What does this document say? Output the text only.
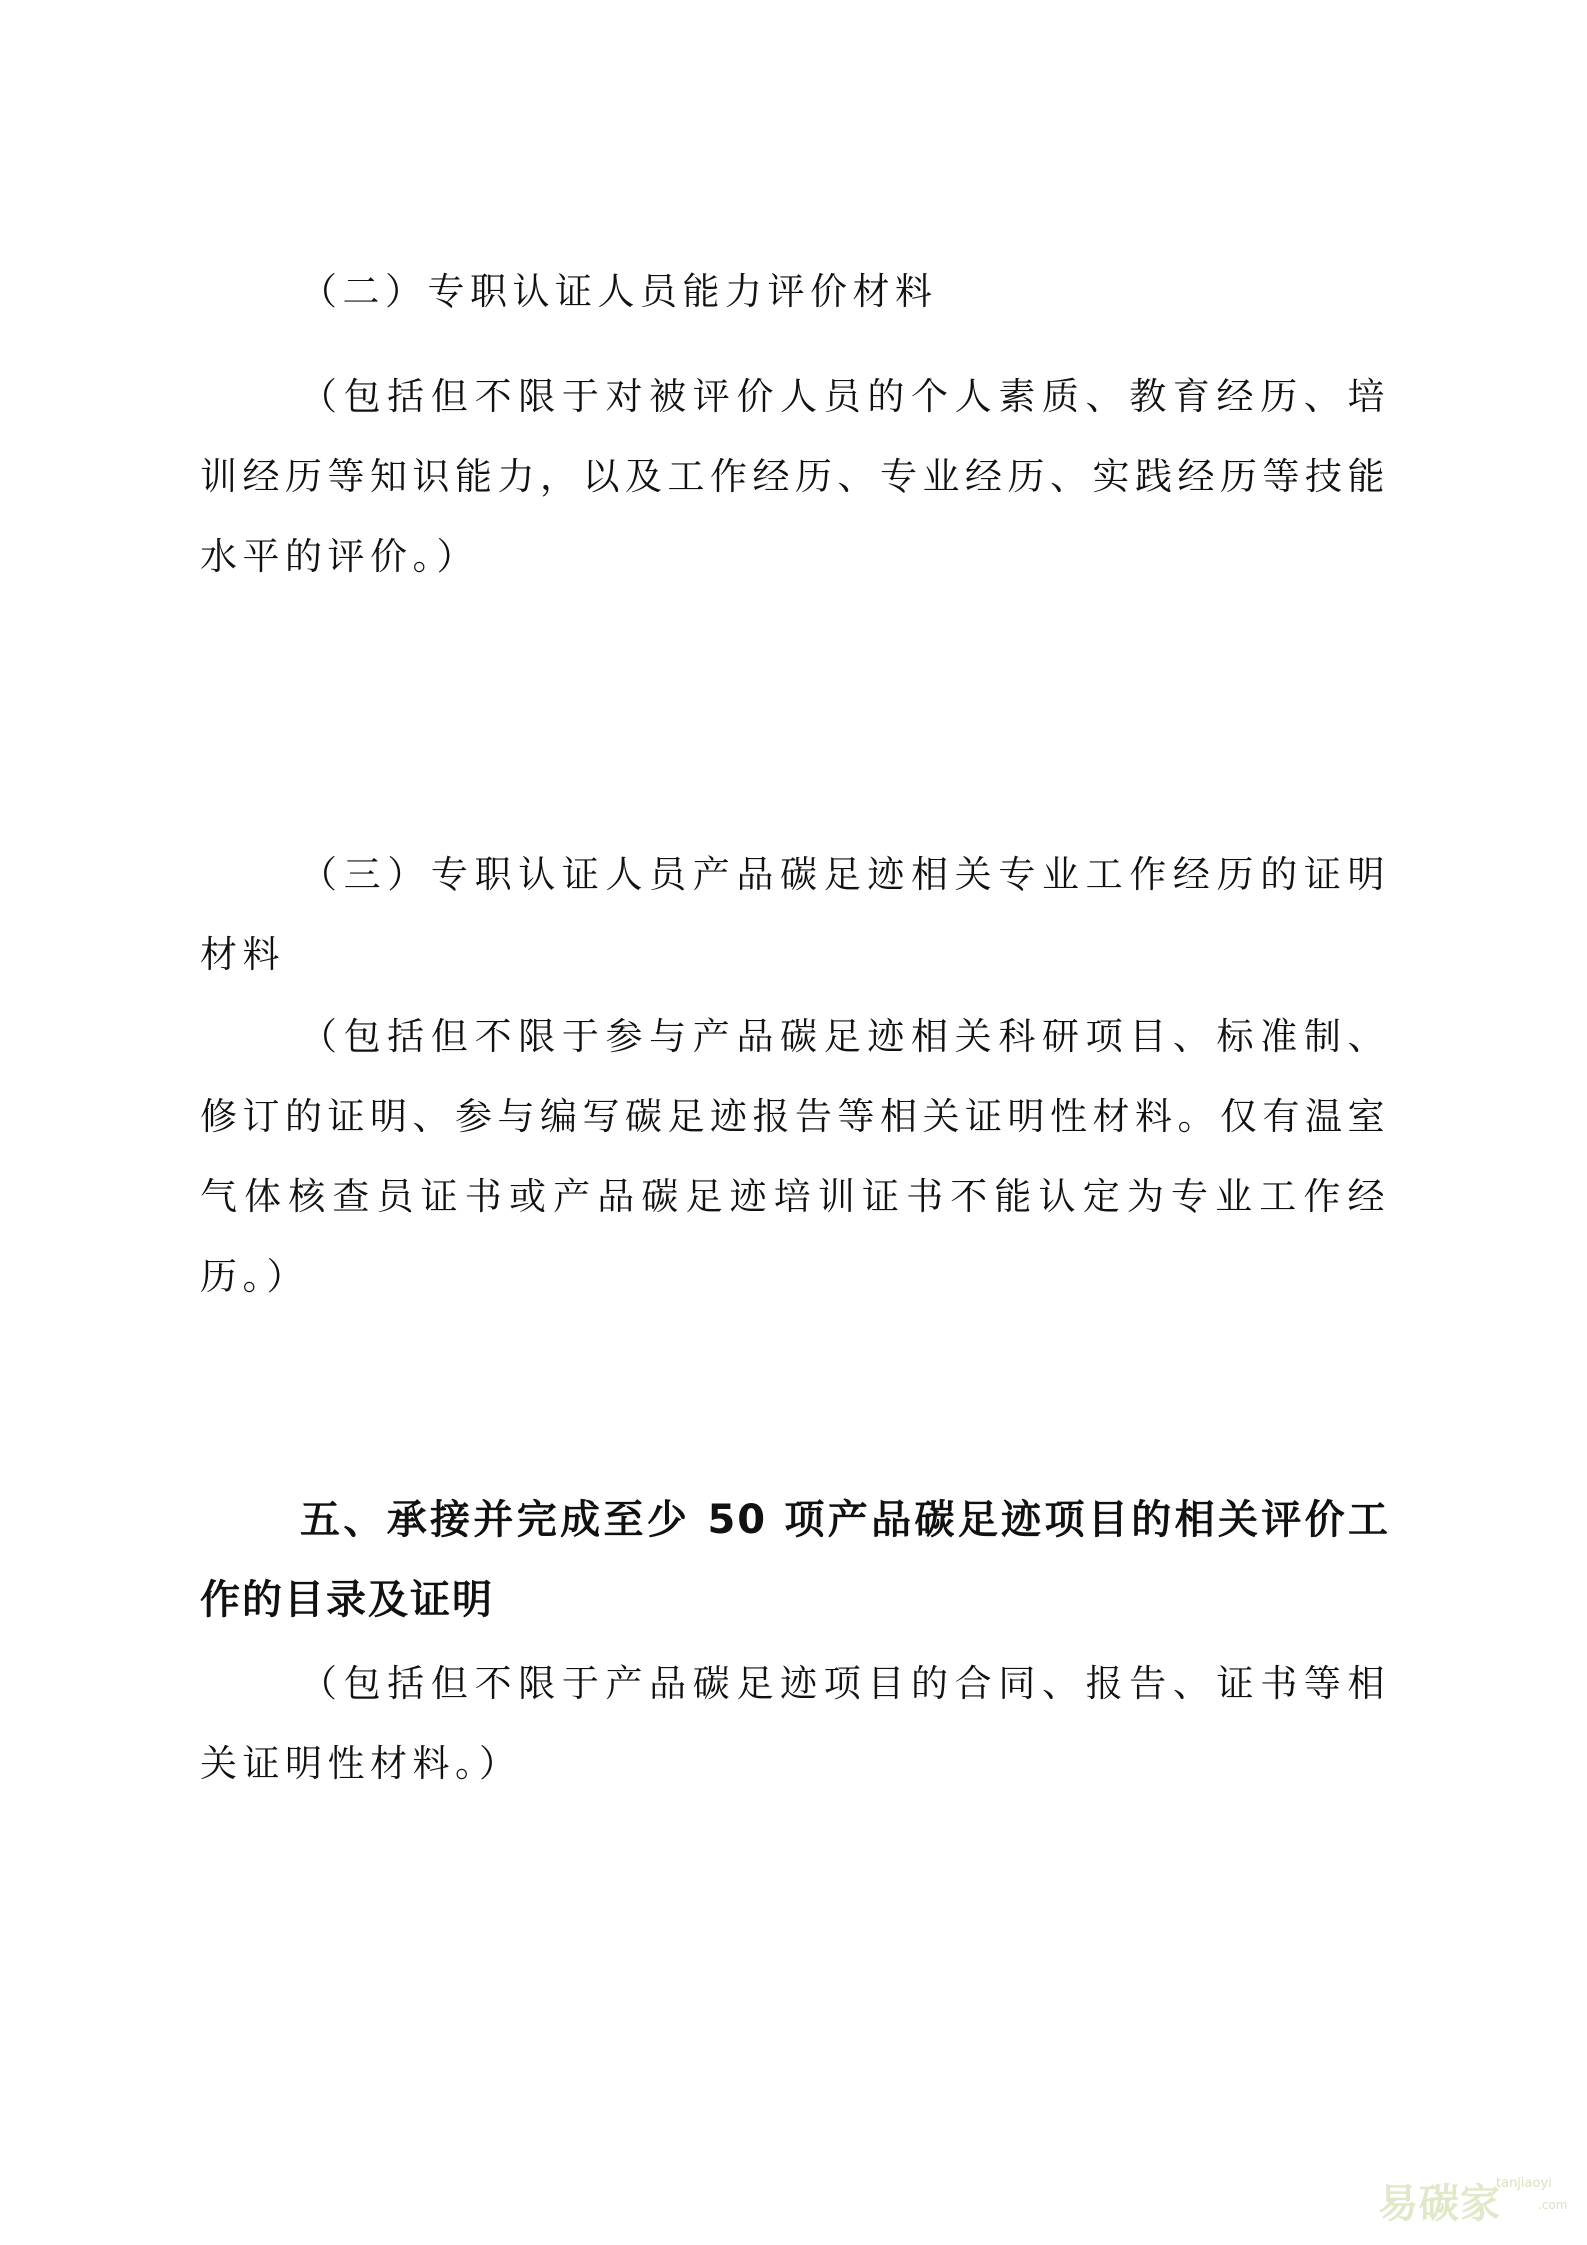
（二）专职认证人员能力评价材料

（包括但不限于对被评价人员的个人素质、教育经历、培训经历等知识能力，以及工作经历、专业经历、实践经历等技能水平的评价。）

（三）专职认证人员产品碳足迹相关专业工作经历的证明材料

（包括但不限于参与产品碳足迹相关科研项目、标准制、修订的证明、参与编写碳足迹报告等相关证明性材料。仅有温室气体核查员证书或产品碳足迹培训证书不能认定为专业工作经历。）

五、承接并完成至少 50 项产品碳足迹项目的相关评价工作的目录及证明

（包括但不限于产品碳足迹项目的合同、报告、证书等相关证明性材料。）

易碳家
tanjiaoyi
.com
